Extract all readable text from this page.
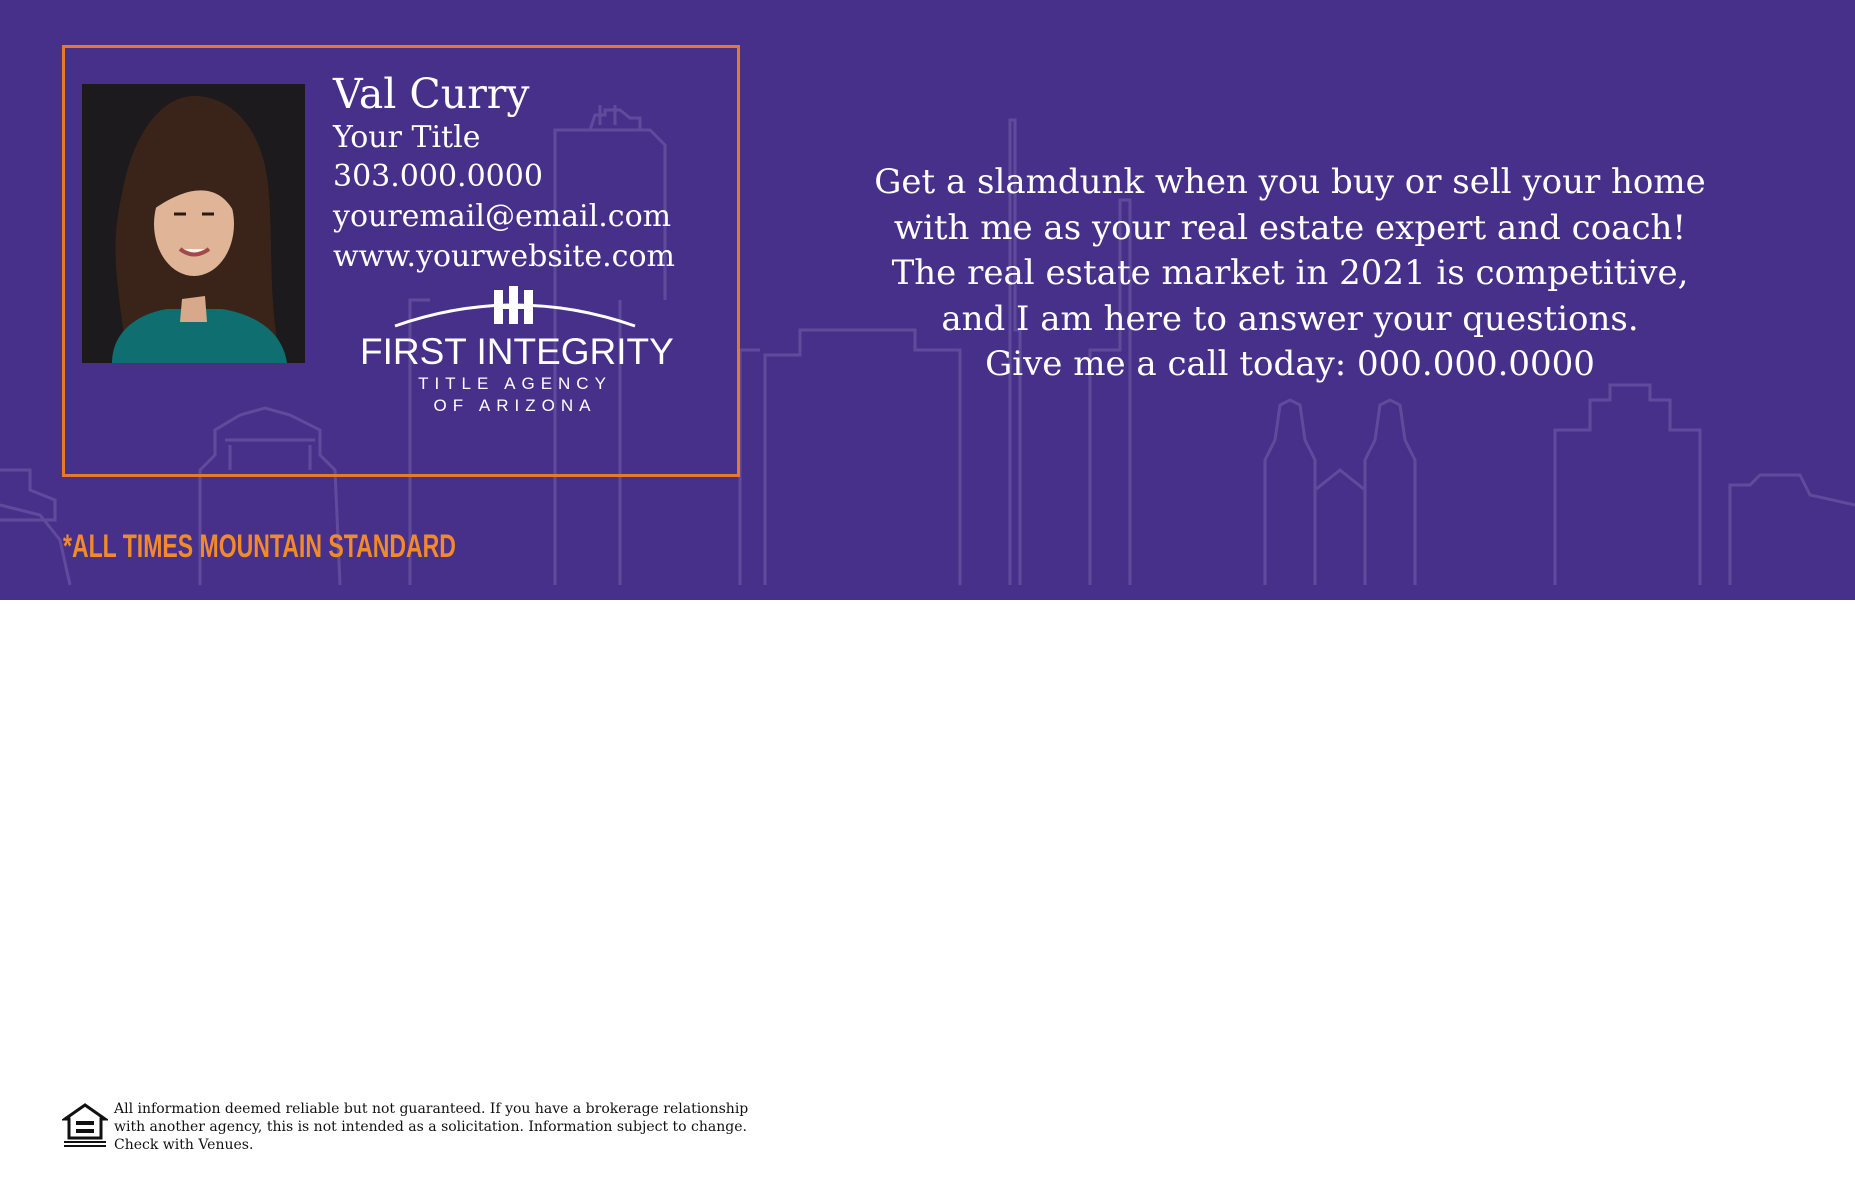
Val Curry
Your Title
303.000.0000
youremail@email.com
www.yourwebsite.com
FIRST INTEGRITY
TITLE AGENCY
OF ARIZONA
*ALL TIMES MOUNTAIN STANDARD
Get a slamdunk when you buy or sell your home
with me as your real estate expert and coach!
The real estate market in 2021 is competitive,
and I am here to answer your questions.
Give me a call today: 000.000.0000
All information deemed reliable but not guaranteed. If you have a brokerage relationship
with another agency, this is not intended as a solicitation. Information subject to change.
Check with Venues.
